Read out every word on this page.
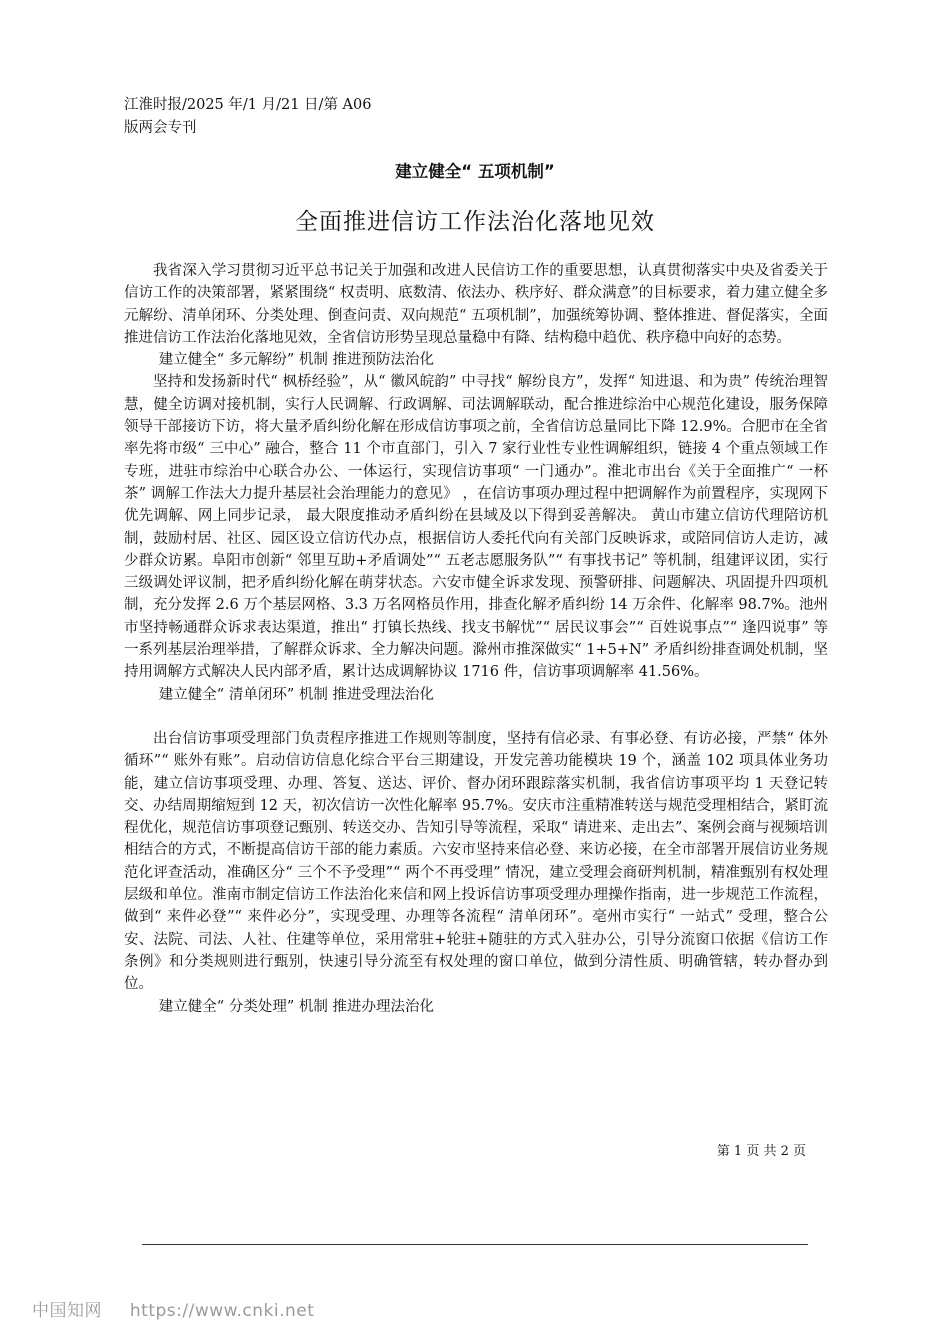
江淮时报/2025 年/1 月/21 日/第 A06
版两会专刊
建立健全“ 五项机制”
全面推进信访工作法治化落地见效

我省深入学习贯彻习近平总书记关于加强和改进人民信访工作的重要思想，认真贯彻落实中央及省委关于信访工作的决策部署，紧紧围绕“ 权责明、底数清、依法办、秩序好、群众满意”的目标要求，着力建立健全多元解纷、清单闭环、分类处理、倒查问责、双向规范“ 五项机制”，加强统筹协调、整体推进、督促落实，全面推进信访工作法治化落地见效，全省信访形势呈现总量稳中有降、结构稳中趋优、秩序稳中向好的态势。

建立健全“ 多元解纷” 机制 推进预防法治化

坚持和发扬新时代“ 枫桥经验”，从“ 徽风皖韵” 中寻找“ 解纷良方”，发挥“ 知进退、和为贵” 传统治理智慧，健全访调对接机制，实行人民调解、行政调解、司法调解联动，配合推进综治中心规范化建设，服务保障领导干部接访下访，将大量矛盾纠纷化解在形成信访事项之前，全省信访总量同比下降 12.9%。合肥市在全省率先将市级“ 三中心” 融合，整合 11 个市直部门，引入 7 家行业性专业性调解组织，链接 4 个重点领域工作专班，进驻市综治中心联合办公、一体运行，实现信访事项“ 一门通办”。淮北市出台《关于全面推广“ 一杯茶” 调解工作法大力提升基层社会治理能力的意见》 ，在信访事项办理过程中把调解作为前置程序，实现网下优先调解、网上同步记录， 最大限度推动矛盾纠纷在县域及以下得到妥善解决。 黄山市建立信访代理陪访机制，鼓励村居、社区、园区设立信访代办点，根据信访人委托代向有关部门反映诉求，或陪同信访人走访，减少群众访累。阜阳市创新“ 邻里互助+矛盾调处”“ 五老志愿服务队”“ 有事找书记” 等机制，组建评议团，实行三级调处评议制，把矛盾纠纷化解在萌芽状态。六安市健全诉求发现、预警研排、问题解决、巩固提升四项机制，充分发挥 2.6 万个基层网格、3.3 万名网格员作用，排查化解矛盾纠纷 14 万余件、化解率 98.7%。池州市坚持畅通群众诉求表达渠道，推出“ 打镇长热线、找支书解忧”“ 居民议事会”“ 百姓说事点”“ 逢四说事” 等一系列基层治理举措，了解群众诉求、全力解决问题。滁州市推深做实“ 1+5+N” 矛盾纠纷排查调处机制，坚持用调解方式解决人民内部矛盾，累计达成调解协议 1716 件，信访事项调解率 41.56%。

建立健全“ 清单闭环” 机制 推进受理法治化

出台信访事项受理部门负责程序推进工作规则等制度，坚持有信必录、有事必登、有访必接，严禁“ 体外循环”“ 账外有账”。启动信访信息化综合平台三期建设，开发完善功能模块 19 个，涵盖 102 项具体业务功能，建立信访事项受理、办理、答复、送达、评价、督办闭环跟踪落实机制，我省信访事项平均 1 天登记转交、办结周期缩短到 12 天，初次信访一次性化解率 95.7%。安庆市注重精准转送与规范受理相结合，紧盯流程优化，规范信访事项登记甄别、转送交办、告知引导等流程，采取“ 请进来、走出去”、案例会商与视频培训相结合的方式，不断提高信访干部的能力素质。六安市坚持来信必登、来访必接，在全市部署开展信访业务规范化评查活动，准确区分“ 三个不予受理”“ 两个不再受理” 情况，建立受理会商研判机制，精准甄别有权处理层级和单位。淮南市制定信访工作法治化来信和网上投诉信访事项受理办理操作指南，进一步规范工作流程，做到“ 来件必登”“ 来件必分”，实现受理、办理等各流程“ 清单闭环”。亳州市实行“ 一站式” 受理，整合公安、法院、司法、人社、住建等单位，采用常驻+轮驻+随驻的方式入驻办公，引导分流窗口依据《信访工作条例》和分类规则进行甄别，快速引导分流至有权处理的窗口单位，做到分清性质、明确管辖，转办督办到位。

建立健全“ 分类处理” 机制 推进办理法治化

第 1 页 共 2 页
中国知网 https://www.cnki.net
